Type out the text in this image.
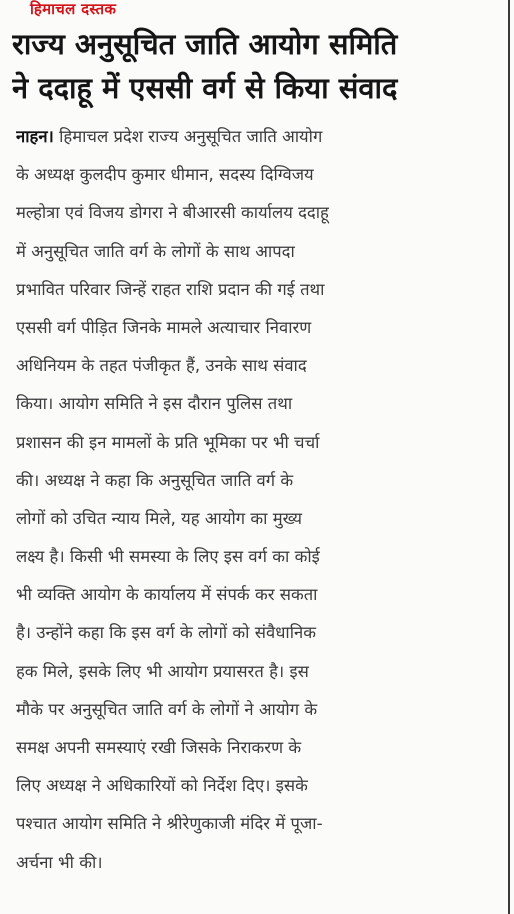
हिमाचल दस्तक
राज्य अनुसूचित जाति आयोग समिति
ने ददाहू में एससी वर्ग से किया संवाद
नाहन। हिमाचल प्रदेश राज्य अनुसूचित जाति आयोग
के अध्यक्ष कुलदीप कुमार धीमान, सदस्य दिग्विजय
मल्होत्रा एवं विजय डोगरा ने बीआरसी कार्यालय ददाहू
में अनुसूचित जाति वर्ग के लोगों के साथ आपदा
प्रभावित परिवार जिन्हें राहत राशि प्रदान की गई तथा
एससी वर्ग पीड़ित जिनके मामले अत्याचार निवारण
अधिनियम के तहत पंजीकृत हैं, उनके साथ संवाद
किया। आयोग समिति ने इस दौरान पुलिस तथा
प्रशासन की इन मामलों के प्रति भूमिका पर भी चर्चा
की। अध्यक्ष ने कहा कि अनुसूचित जाति वर्ग के
लोगों को उचित न्याय मिले, यह आयोग का मुख्य
लक्ष्य है। किसी भी समस्या के लिए इस वर्ग का कोई
भी व्यक्ति आयोग के कार्यालय में संपर्क कर सकता
है। उन्होंने कहा कि इस वर्ग के लोगों को संवैधानिक
हक मिले, इसके लिए भी आयोग प्रयासरत है। इस
मौके पर अनुसूचित जाति वर्ग के लोगों ने आयोग के
समक्ष अपनी समस्याएं रखी जिसके निराकरण के
लिए अध्यक्ष ने अधिकारियों को निर्देश दिए। इसके
पश्चात आयोग समिति ने श्रीरेणुकाजी मंदिर में पूजा-
अर्चना भी की।
